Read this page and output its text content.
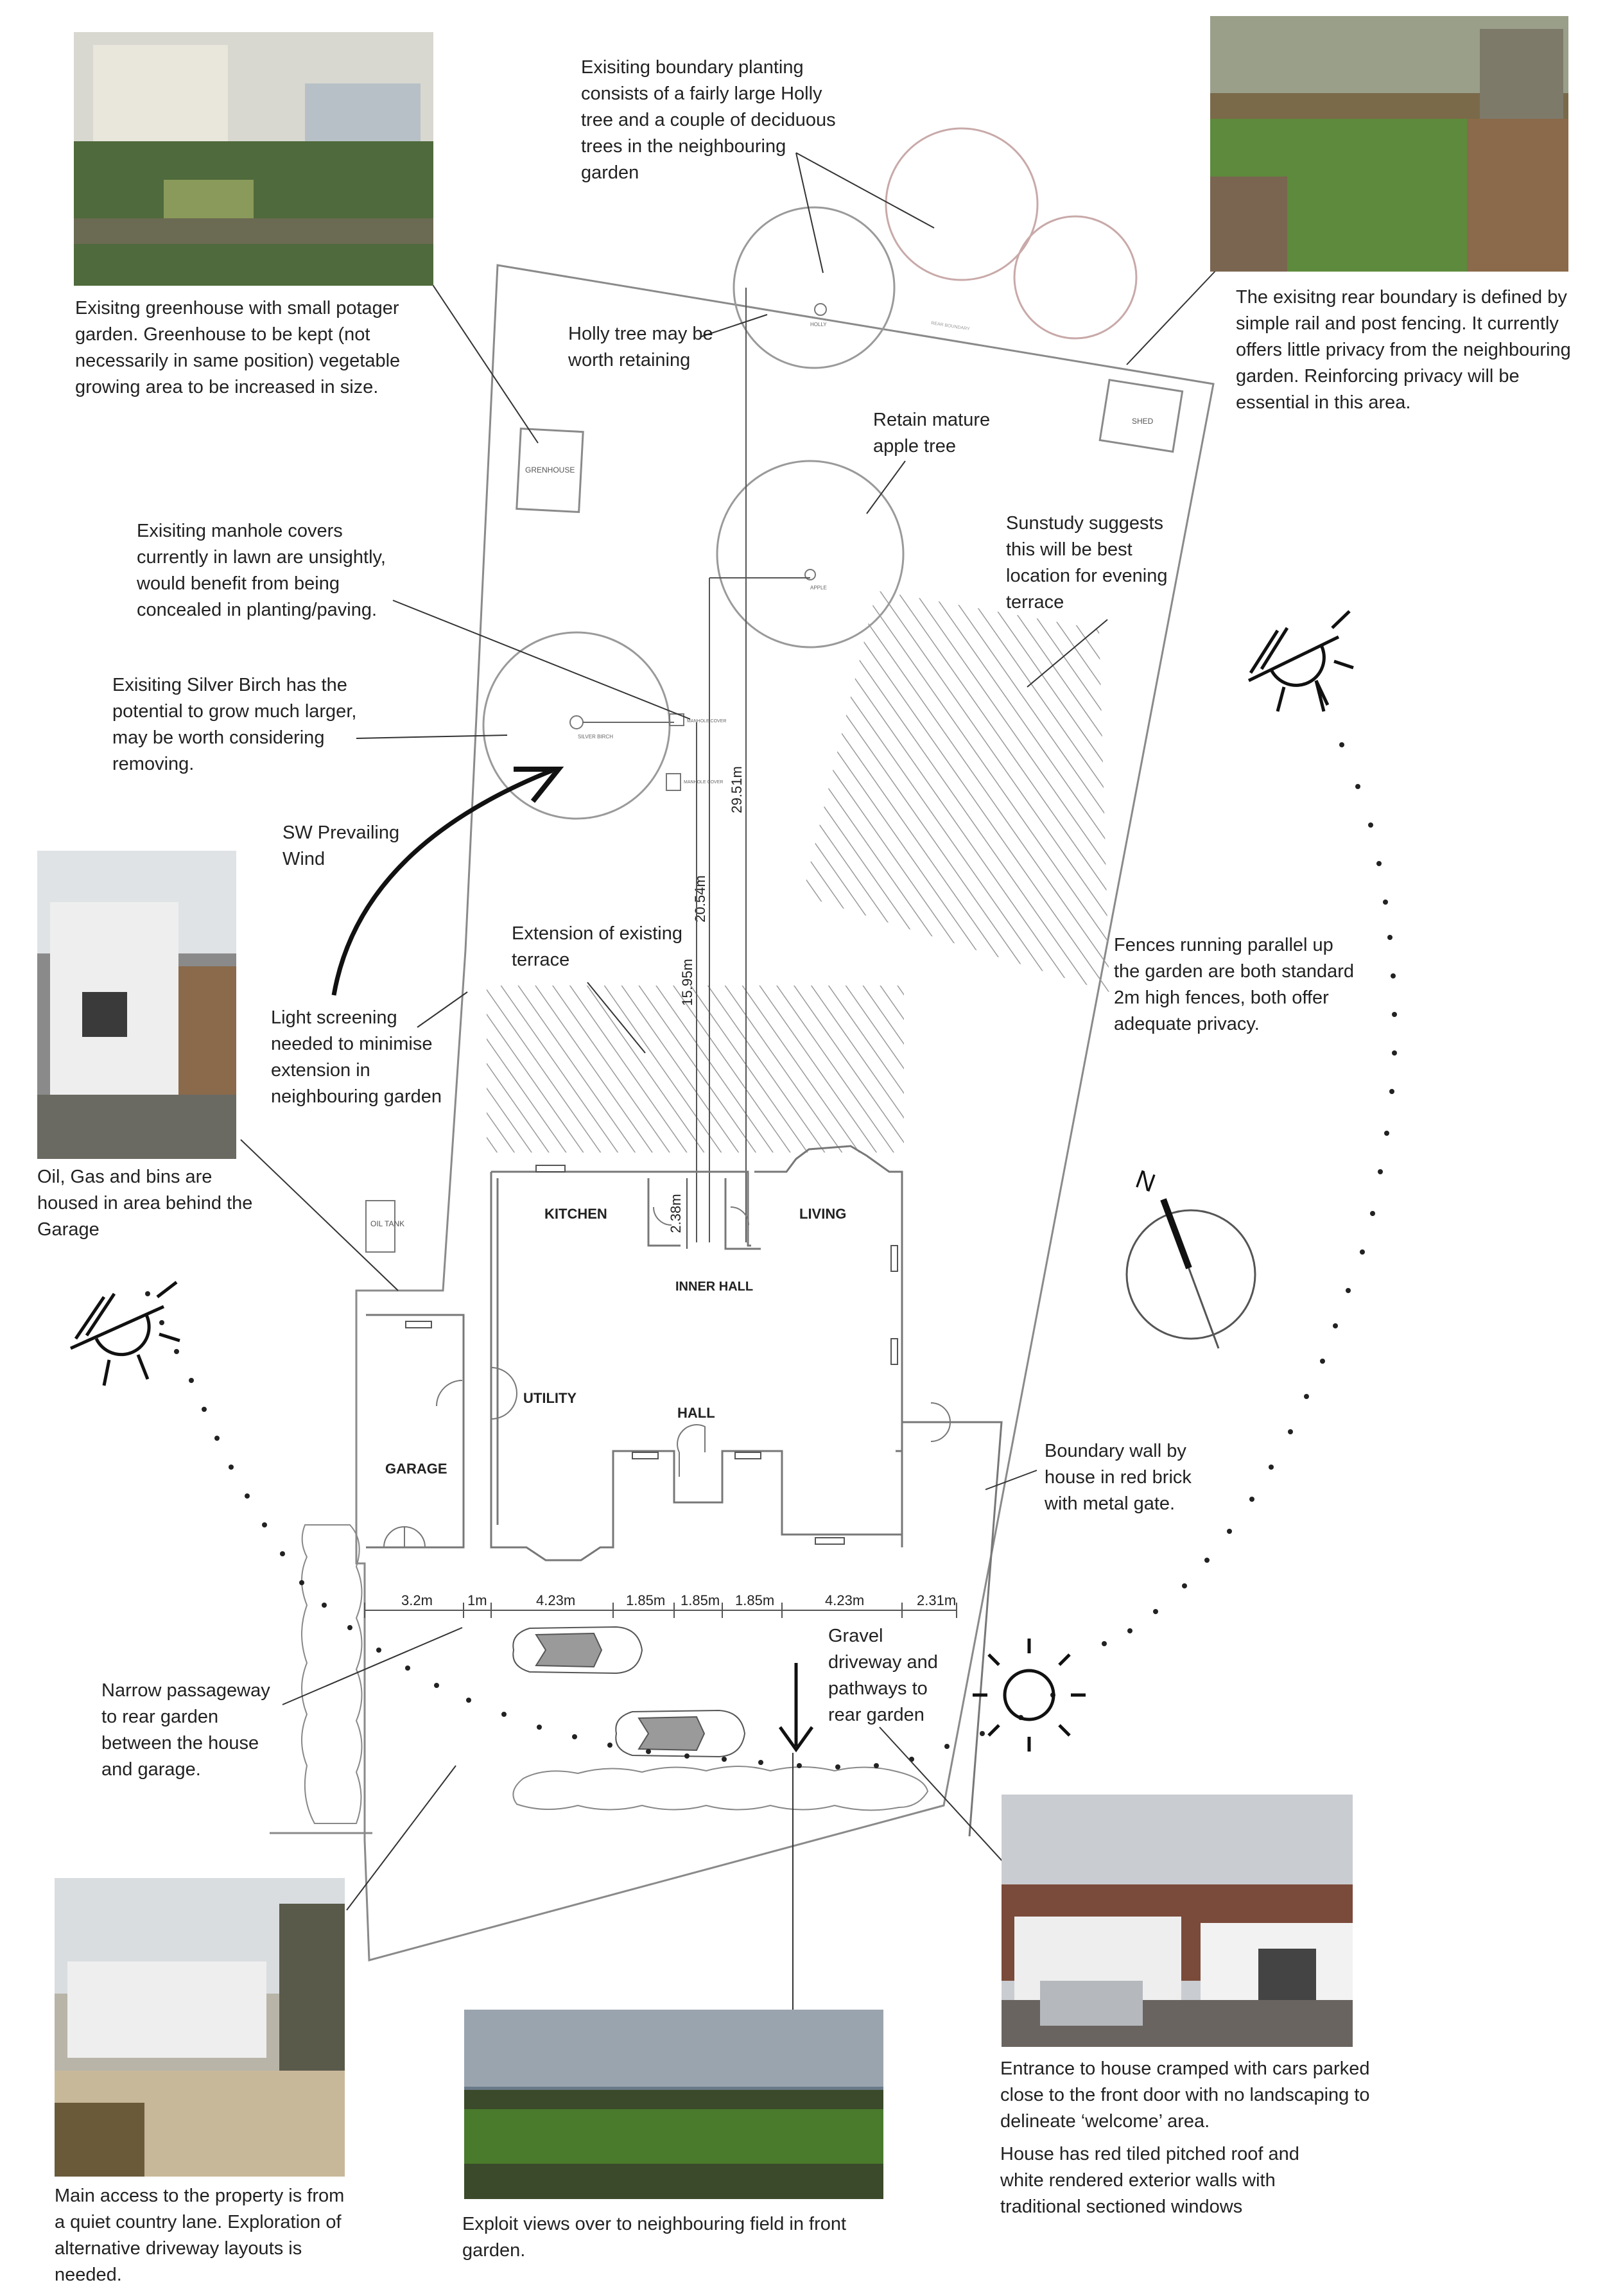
HOLLY
APPLE
SILVER BIRCH
MANHOLE COVER
MANHOLE COVER
GRENHOUSE
SHED
29.51m
20.54m
15.95m
2.38m
OIL TANK
KITCHEN	LIVING
INNER HALL
UTILITY
HALL
GARAGE
3.2m 1m	4.23m	1.85m 1.85m 1.85m	4.23m	2.31m
N
REAR BOUNDARY

Exisiting boundary planting consists of a fairly large Holly tree and a couple of deciduous trees in the neighbouring garden

Exisitng greenhouse with small potager garden. Greenhouse to be kept (not necessarily in same position) vegetable growing area to be increased in size.

The exisitng rear boundary is defined by simple rail and post fencing. It currently offers little privacy from the neighbouring garden. Reinforcing privacy will be essential in this area.

Holly tree may be worth retaining

Retain mature apple tree

Exisiting manhole covers currently in lawn are unsightly, would benefit from being concealed in planting/paving.

Sunstudy suggests this will be best location for evening terrace

Exisiting Silver Birch has the potential to grow much larger, may be worth considering removing.

SW Prevailing Wind

Extension of existing terrace

Fences running parallel up the garden are both standard 2m high fences, both offer adequate privacy.

Light screening needed to minimise extension in neighbouring garden

Oil, Gas and bins are housed in area behind the Garage

Boundary wall by house in red brick with metal gate.

Gravel driveway and pathways to rear garden

Narrow passageway to rear garden between the house and garage.

Main access to the property is from a quiet country lane. Exploration of alternative driveway layouts is needed.

Exploit views over to neighbouring field in front garden.

Entrance to house cramped with cars parked close to the front door with no landscaping to delineate ‘welcome’ area.

House has red tiled pitched roof and white rendered exterior walls with traditional sectioned windows
